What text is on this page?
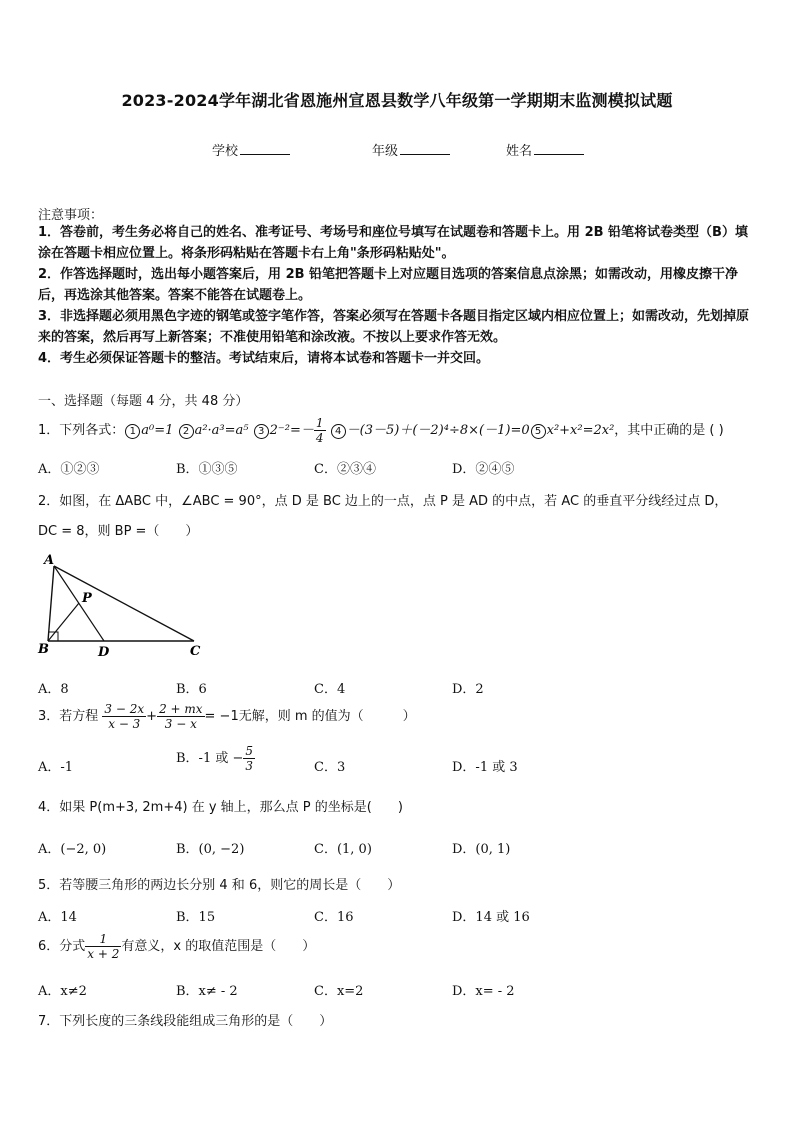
2023-2024学年湖北省恩施州宣恩县数学八年级第一学期期末监测模拟试题
学校	年级	姓名
注意事项：
1．答卷前，考生务必将自己的姓名、准考证号、考场号和座位号填写在试题卷和答题卡上。用 2B 铅笔将试卷类型（B）填涂在答题卡相应位置上。将条形码粘贴在答题卡右上角"条形码粘贴处"。
2．作答选择题时，选出每小题答案后，用 2B 铅笔把答题卡上对应题目选项的答案信息点涂黑；如需改动，用橡皮擦干净后，再选涂其他答案。答案不能答在试题卷上。
3．非选择题必须用黑色字迹的钢笔或签字笔作答，答案必须写在答题卡各题目指定区域内相应位置上；如需改动，先划掉原来的答案，然后再写上新答案；不准使用铅笔和涂改液。不按以上要求作答无效。
4．考生必须保证答题卡的整洁。考试结束后，请将本试卷和答题卡一并交回。
一、选择题（每题 4 分，共 48 分）
1．下列各式： 1 a⁰=1 2 a²·a³=a⁵ 3 $2^{-2}=- \frac{1}{4} 4 -(3-5)+(-2)^4\div 8\times(-1)=0$ 5 x²+x²=2x²，其中正确的是 ( )
A．①②③	B．①③⑤	C．②③④	D．②④⑤
2．如图，在 ΔABC 中，∠ABC = 90°，点 D 是 BC 边上的一点，点 P 是 AD 的中点，若 AC 的垂直平分线经过点 D，
DC = 8，则 BP =（　　）
A
B	C
D
P
A．8	B．6	C．4	D．2
3．若方程 $\frac{3 - 2x}{x - 3} + \frac{2 + mx}{3 - x} = -1$无解，则 m 的值为（　　　）
A．-1
B．-1 或 − $\frac{5}{3}$	C．3	D．-1 或 3
4．如果 P(m+3, 2m+4) 在 y 轴上，那么点 P 的坐标是(　　)
A．(−2, 0)	B．(0, −2)	C．(1, 0)	D．(0, 1)
5．若等腰三角形的两边长分别 4 和 6，则它的周长是（　　）
A．14	B．15	C．16	D．14 或 16
6．分式 $\frac{1}{x + 2}$ 有意义，x 的取值范围是（　　）
A．x≠2	B．x≠ - 2	C．x=2	D．x= - 2
7．下列长度的三条线段能组成三角形的是（　　）
